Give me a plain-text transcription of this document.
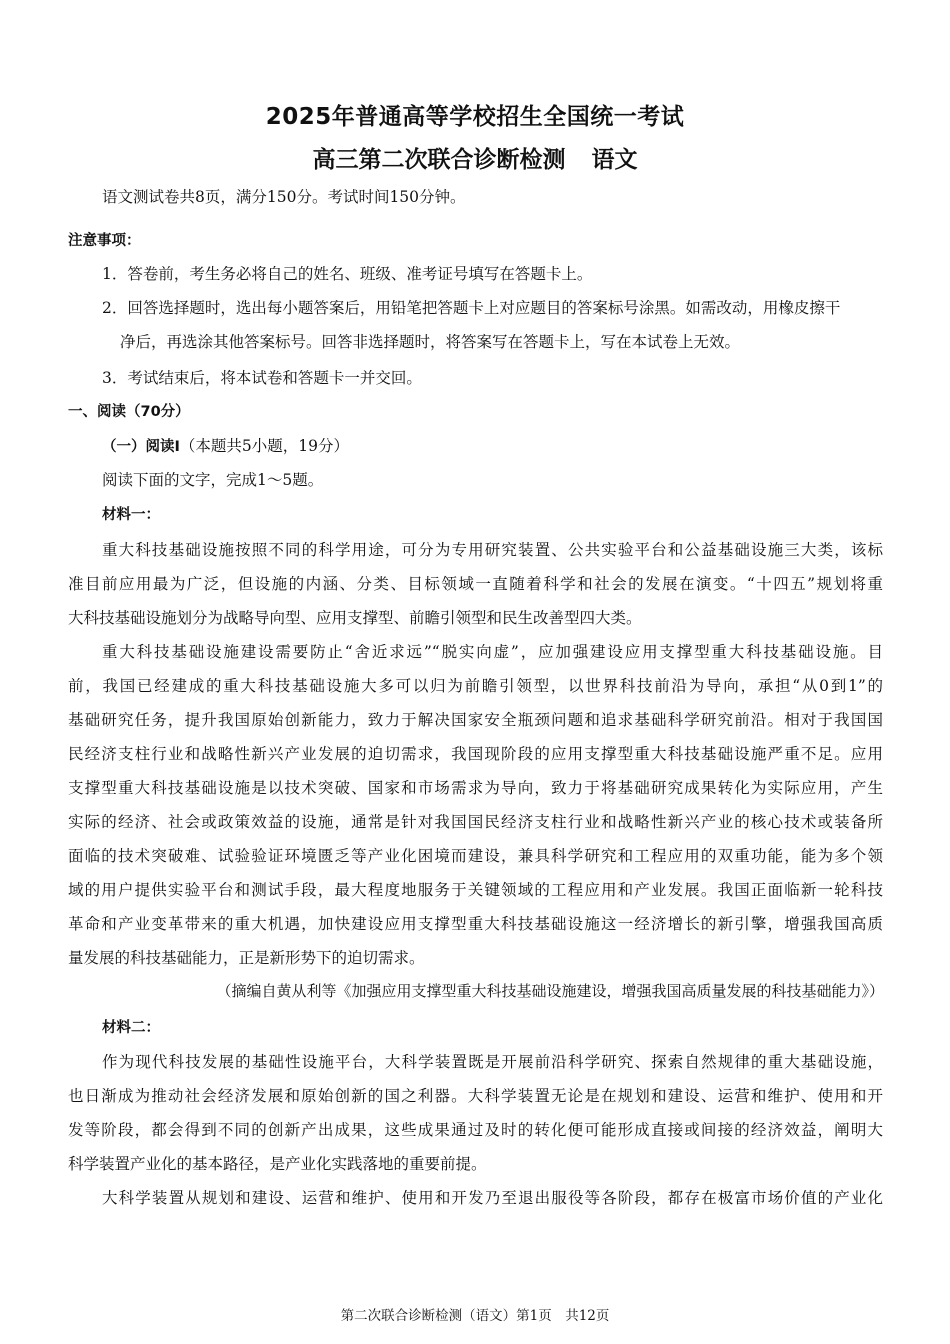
2025年普通高等学校招生全国统一考试
高三第二次联合诊断检测 语文
语文测试卷共8页，满分150分。考试时间150分钟。
注意事项：
1．答卷前，考生务必将自己的姓名、班级、准考证号填写在答题卡上。
2．回答选择题时，选出每小题答案后，用铅笔把答题卡上对应题目的答案标号涂黑。如需改动，用橡皮擦干
净后，再选涂其他答案标号。回答非选择题时，将答案写在答题卡上，写在本试卷上无效。
3．考试结束后，将本试卷和答题卡一并交回。
一、阅读（70分）
（一）阅读Ⅰ（本题共5小题，19分）
阅读下面的文字，完成1～5题。
材料一：
重大科技基础设施按照不同的科学用途，可分为专用研究装置、公共实验平台和公益基础设施三大类，该标
准目前应用最为广泛，但设施的内涵、分类、目标领域一直随着科学和社会的发展在演变。“十四五”规划将重
大科技基础设施划分为战略导向型、应用支撑型、前瞻引领型和民生改善型四大类。
重大科技基础设施建设需要防止“舍近求远”“脱实向虚”，应加强建设应用支撑型重大科技基础设施。目
前，我国已经建成的重大科技基础设施大多可以归为前瞻引领型，以世界科技前沿为导向，承担“从0到1”的
基础研究任务，提升我国原始创新能力，致力于解决国家安全瓶颈问题和追求基础科学研究前沿。相对于我国国
民经济支柱行业和战略性新兴产业发展的迫切需求，我国现阶段的应用支撑型重大科技基础设施严重不足。应用
支撑型重大科技基础设施是以技术突破、国家和市场需求为导向，致力于将基础研究成果转化为实际应用，产生
实际的经济、社会或政策效益的设施，通常是针对我国国民经济支柱行业和战略性新兴产业的核心技术或装备所
面临的技术突破难、试验验证环境匮乏等产业化困境而建设，兼具科学研究和工程应用的双重功能，能为多个领
域的用户提供实验平台和测试手段，最大程度地服务于关键领域的工程应用和产业发展。我国正面临新一轮科技
革命和产业变革带来的重大机遇，加快建设应用支撑型重大科技基础设施这一经济增长的新引擎，增强我国高质
量发展的科技基础能力，正是新形势下的迫切需求。
（摘编自黄从利等《加强应用支撑型重大科技基础设施建设，增强我国高质量发展的科技基础能力》）
材料二：
作为现代科技发展的基础性设施平台，大科学装置既是开展前沿科学研究、探索自然规律的重大基础设施，
也日渐成为推动社会经济发展和原始创新的国之利器。大科学装置无论是在规划和建设、运营和维护、使用和开
发等阶段，都会得到不同的创新产出成果，这些成果通过及时的转化便可能形成直接或间接的经济效益，阐明大
科学装置产业化的基本路径，是产业化实践落地的重要前提。
大科学装置从规划和建设、运营和维护、使用和开发乃至退出服役等各阶段，都存在极富市场价值的产业化
第二次联合诊断检测（语文）第1页　共12页
